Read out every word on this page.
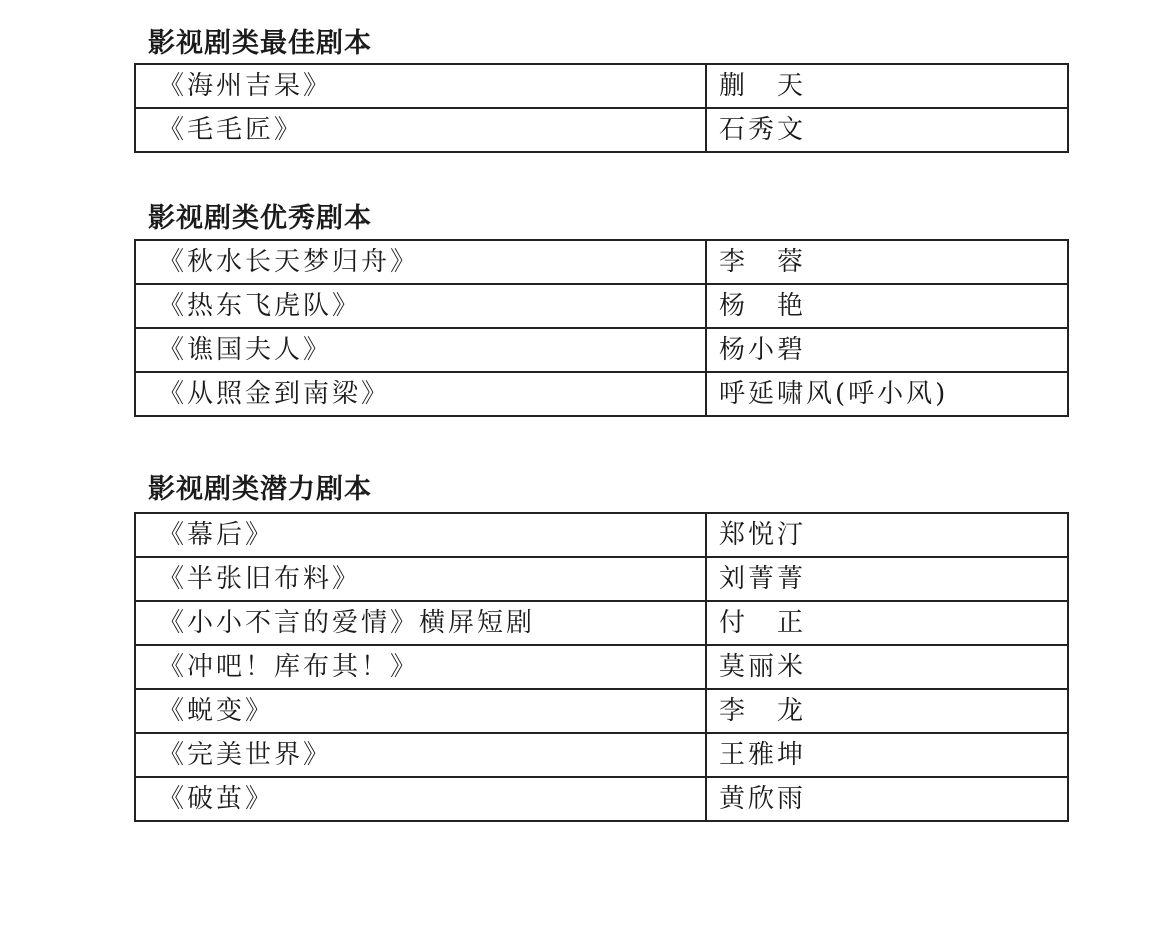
影视剧类最佳剧本
《海州吉杲》	蒯　天
《毛毛匠》	石秀文
影视剧类优秀剧本
《秋水长天梦归舟》	李　蓉
《热东飞虎队》	杨　艳
《谯国夫人》	杨小碧
《从照金到南梁》	呼延啸风(呼小风)
影视剧类潜力剧本
《幕后》	郑悦汀
《半张旧布料》	刘菁菁
《小小不言的爱情》横屏短剧	付　正
《冲吧！库布其！》	莫丽米
《蜕变》	李　龙
《完美世界》	王雅坤
《破茧》	黄欣雨
